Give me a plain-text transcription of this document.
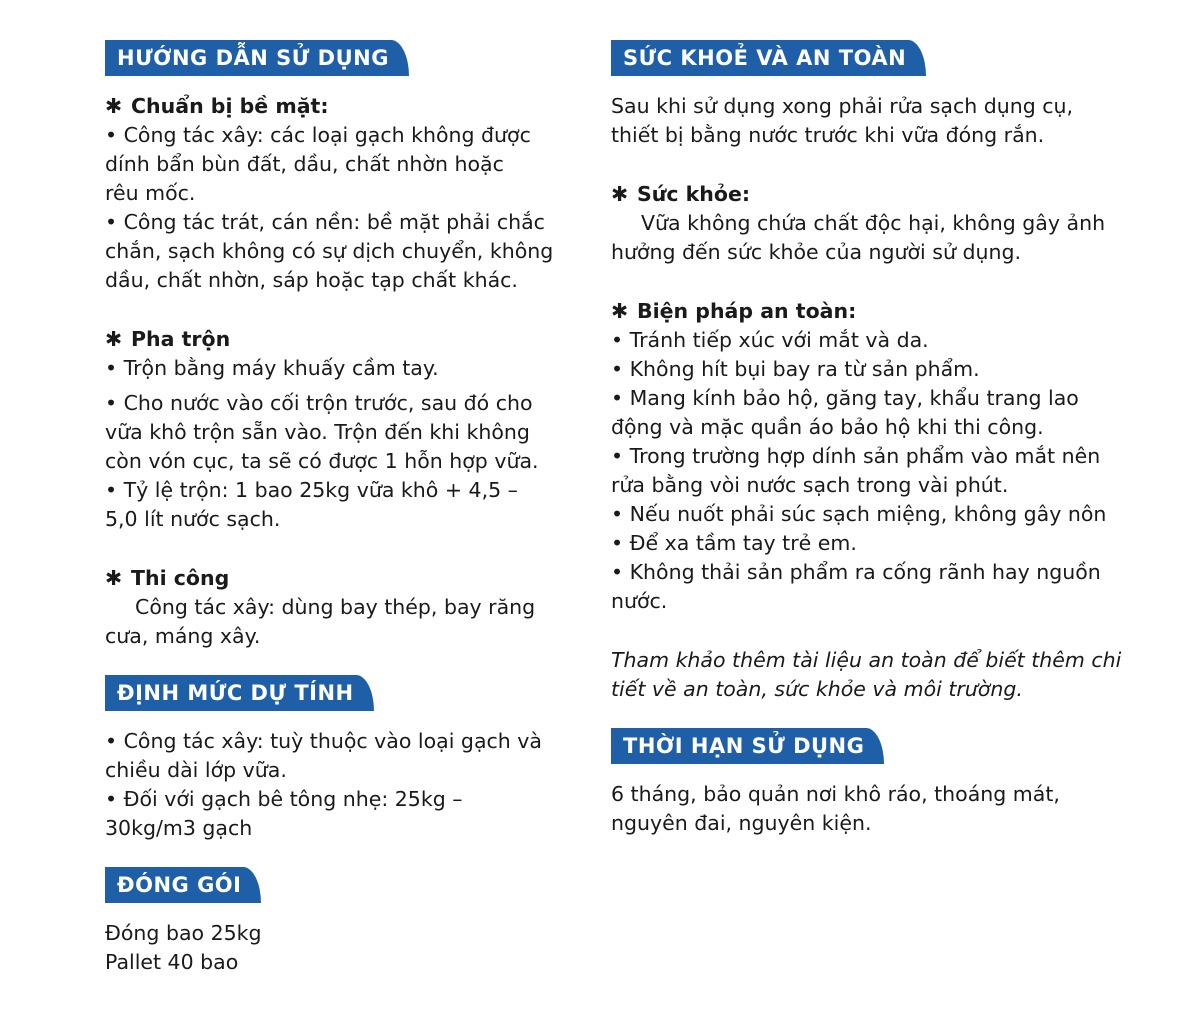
HƯỚNG DẪN SỬ DỤNG
✱ Chuẩn bị bề mặt:
• Công tác xây: các loại gạch không được
dính bẩn bùn đất, dầu, chất nhờn hoặc
rêu mốc.
• Công tác trát, cán nền: bề mặt phải chắc
chắn, sạch không có sự dịch chuyển, không
dầu, chất nhờn, sáp hoặc tạp chất khác.
✱ Pha trộn
• Trộn bằng máy khuấy cầm tay.
• Cho nước vào cối trộn trước, sau đó cho
vữa khô trộn sẵn vào. Trộn đến khi không
còn vón cục, ta sẽ có được 1 hỗn hợp vữa.
• Tỷ lệ trộn: 1 bao 25kg vữa khô + 4,5 –
5,0 lít nước sạch.
✱ Thi công
Công tác xây: dùng bay thép, bay răng
cưa, máng xây.
ĐỊNH MỨC DỰ TÍNH
• Công tác xây: tuỳ thuộc vào loại gạch và
chiều dài lớp vữa.
• Đối với gạch bê tông nhẹ: 25kg –
30kg/m3 gạch
ĐÓNG GÓI
Đóng bao 25kg
Pallet 40 bao
SỨC KHOẺ VÀ AN TOÀN
Sau khi sử dụng xong phải rửa sạch dụng cụ,
thiết bị bằng nước trước khi vữa đóng rắn.
✱ Sức khỏe:
Vữa không chứa chất độc hại, không gây ảnh
hưởng đến sức khỏe của người sử dụng.
✱ Biện pháp an toàn:
• Tránh tiếp xúc với mắt và da.
• Không hít bụi bay ra từ sản phẩm.
• Mang kính bảo hộ, găng tay, khẩu trang lao
động và mặc quần áo bảo hộ khi thi công.
• Trong trường hợp dính sản phẩm vào mắt nên
rửa bằng vòi nước sạch trong vài phút.
• Nếu nuốt phải súc sạch miệng, không gây nôn
• Để xa tầm tay trẻ em.
• Không thải sản phẩm ra cống rãnh hay nguồn
nước.
Tham khảo thêm tài liệu an toàn để biết thêm chi
tiết về an toàn, sức khỏe và môi trường.
THỜI HẠN SỬ DỤNG
6 tháng, bảo quản nơi khô ráo, thoáng mát,
nguyên đai, nguyên kiện.
